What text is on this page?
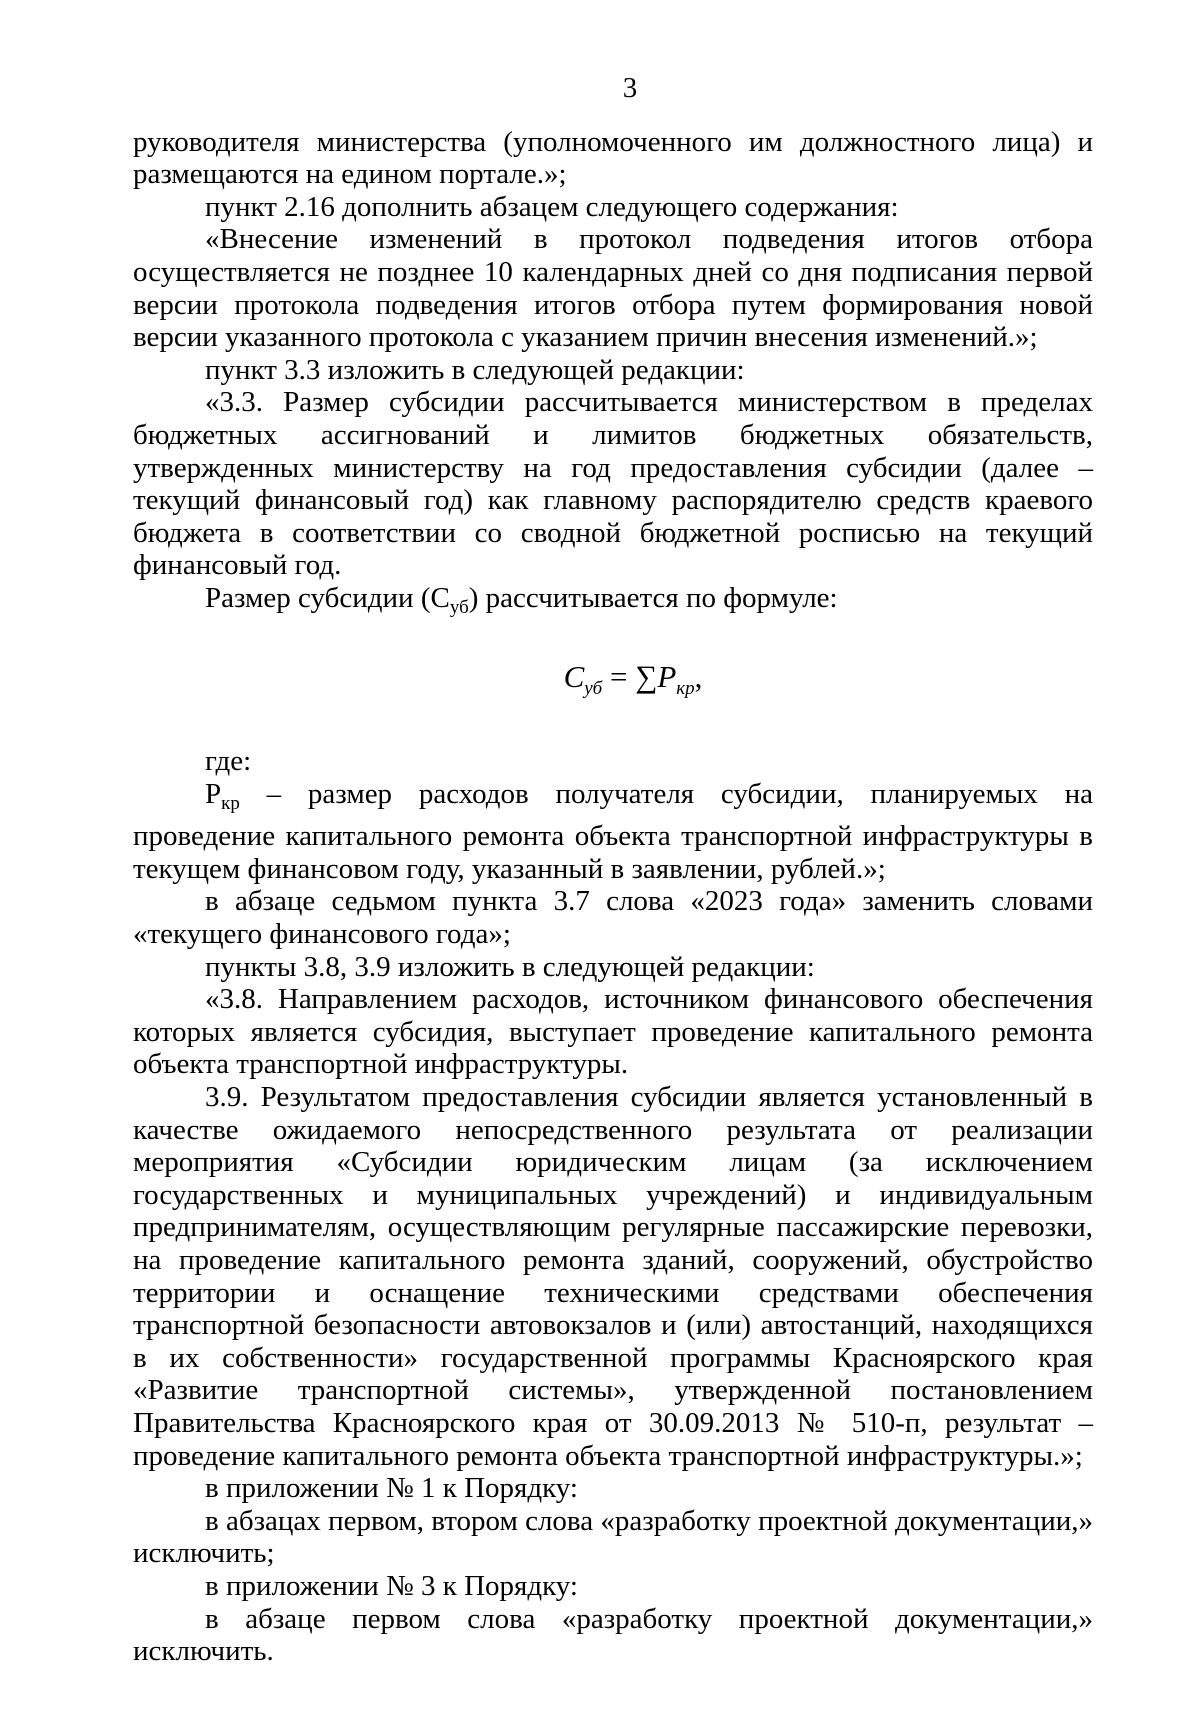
3

руководителя министерства (уполномоченного им должностного лица) и размещаются на едином портале.»;

пункт 2.16 дополнить абзацем следующего содержания:

«Внесение изменений в протокол подведения итогов отбора осуществляется не позднее 10 календарных дней со дня подписания первой версии протокола подведения итогов отбора путем формирования новой версии указанного протокола с указанием причин внесения изменений.»;

пункт 3.3 изложить в следующей редакции:

«3.3. Размер субсидии рассчитывается министерством в пределах бюджетных ассигнований и лимитов бюджетных обязательств, утвержденных министерству на год предоставления субсидии (далее – текущий финансовый год) как главному распорядителю средств краевого бюджета в соответствии со сводной бюджетной росписью на текущий финансовый год.

Размер субсидии $(С_{уб})$ рассчитывается по формуле:

$С_{уб} = \sum Р_{кр}$,

где:

$Р_{кр}$ – размер расходов получателя субсидии, планируемых на проведение капитального ремонта объекта транспортной инфраструктуры в текущем финансовом году, указанный в заявлении, рублей.»;

в абзаце седьмом пункта 3.7 слова «2023 года» заменить словами «текущего финансового года»;

пункты 3.8, 3.9 изложить в следующей редакции:

«3.8. Направлением расходов, источником финансового обеспечения которых является субсидия, выступает проведение капитального ремонта объекта транспортной инфраструктуры.

3.9. Результатом предоставления субсидии является установленный в качестве ожидаемого непосредственного результата от реализации мероприятия «Субсидии юридическим лицам (за исключением государственных и муниципальных учреждений) и индивидуальным предпринимателям, осуществляющим регулярные пассажирские перевозки, на проведение капитального ремонта зданий, сооружений, обустройство территории и оснащение техническими средствами обеспечения транспортной безопасности автовокзалов и (или) автостанций, находящихся в их собственности» государственной программы Красноярского края «Развитие транспортной системы», утвержденной постановлением Правительства Красноярского края от 30.09.2013 № 510-п, результат – проведение капитального ремонта объекта транспортной инфраструктуры.»;

в приложении № 1 к Порядку:

в абзацах первом, втором слова «разработку проектной документации,» исключить;

в приложении № 3 к Порядку:

в абзаце первом слова «разработку проектной документации,» исключить.
